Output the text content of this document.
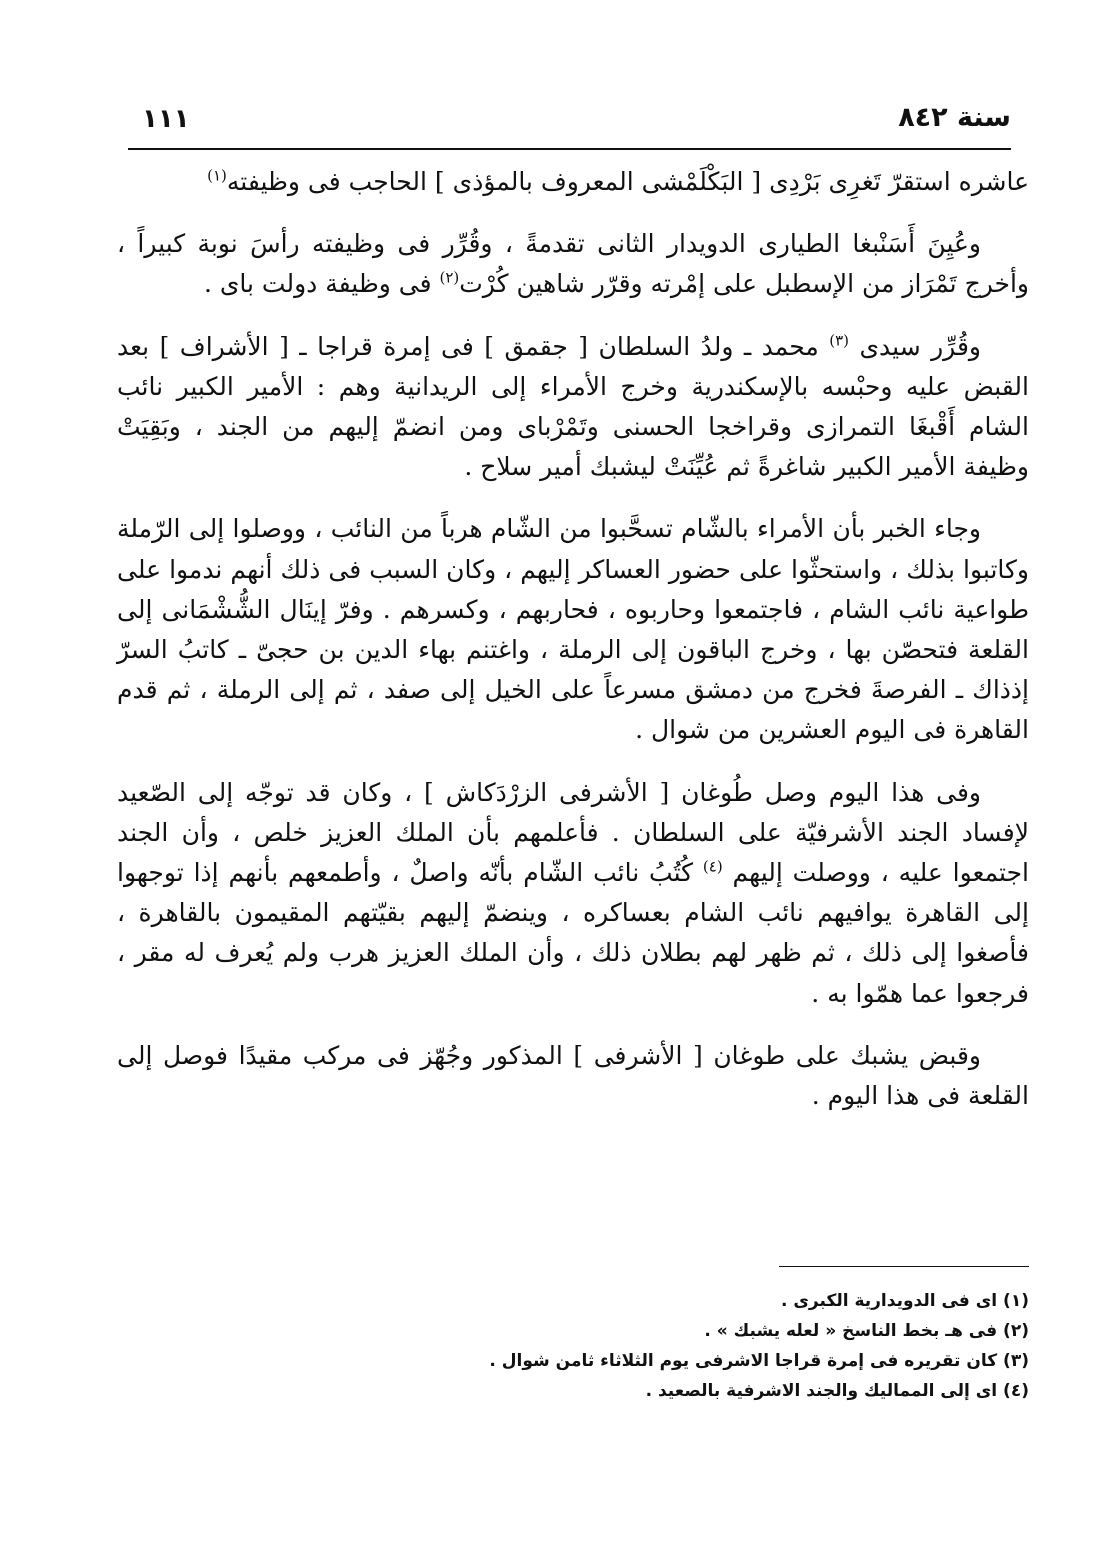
سنة ٨٤٢
١١١

عاشره استقرّ تَغرِى بَرْدِى [ البَكْلَمْشى المعروف بالمؤذى ] الحاجب فى وظيفته$^{(١)}$

وعُيِنَ أَسَنْبغا الطيارى الدويدار الثانى تقدمةً ، وقُرِّر فى وظيفته رأسَ نوبة كبيراً ، وأخرج تَمْرَاز من الإسطبل على إمْرته وقرّر شاهين كُرْت$^{(٢)}$ فى وظيفة دولت باى .

وقُرِّر سيدى $^{(٣)}$ محمد ـ ولدُ السلطان [ جقمق ] فى إمرة قراجا ـ [ الأشراف ] بعد القبض عليه وحبْسه بالإسكندرية وخرج الأمراء إلى الريدانية وهم : الأمير الكبير نائب الشام أَقْبغَا التمرازى وقراخجا الحسنى وتَمْرْباى ومن انضمّ إليهم من الجند ، وبَقِيَتْ وظيفة الأمير الكبير شاغرةً ثم عُيِّنَتْ ليشبك أمير سلاح .

وجاء الخبر بأن الأمراء بالشّام تسحَّبوا من الشّام هرباً من النائب ، ووصلوا إلى الرّملة وكاتبوا بذلك ، واستحثّوا على حضور العساكر إليهم ، وكان السبب فى ذلك أنهم ندموا على طواعية نائب الشام ، فاجتمعوا وحاربوه ، فحاربهم ، وكسرهم . وفرّ إينَال الشُّشْمَانى إلى القلعة فتحصّن بها ، وخرج الباقون إلى الرملة ، واغتنم بهاء الدين بن حجىّ ـ كاتبُ السرّ إذذاك ـ الفرصةَ فخرج من دمشق مسرعاً على الخيل إلى صفد ، ثم إلى الرملة ، ثم قدم القاهرة فى اليوم العشرين من شوال .

وفى هذا اليوم وصل طُوغان [ الأشرفى الزرْدَكاش ] ، وكان قد توجّه إلى الصّعيد لإفساد الجند الأشرفيّة على السلطان . فأعلمهم بأن الملك العزيز خلص ، وأن الجند اجتمعوا عليه ، ووصلت إليهم $^{(٤)}$ كُتُبُ نائب الشّام بأنّه واصلٌ ، وأطمعهم بأنهم إذا توجهوا إلى القاهرة يوافيهم نائب الشام بعساكره ، وينضمّ إليهم بقيّتهم المقيمون بالقاهرة ، فأصغوا إلى ذلك ، ثم ظهر لهم بطلان ذلك ، وأن الملك العزيز هرب ولم يُعرف له مقر ، فرجعوا عما همّوا به .

وقبض يشبك على طوغان [ الأشرفى ] المذكور وجُهّز فى مركب مقيدًا فوصل إلى القلعة فى هذا اليوم .

(١) اى فى الدويدارية الكبرى .
(٢) فى هـ بخط الناسخ « لعله يشبك » .
(٣) كان تقريره فى إمرة قراجا الاشرفى يوم الثلاثاء ثامن شوال .
(٤) اى إلى المماليك والجند الاشرفية بالصعيد .
